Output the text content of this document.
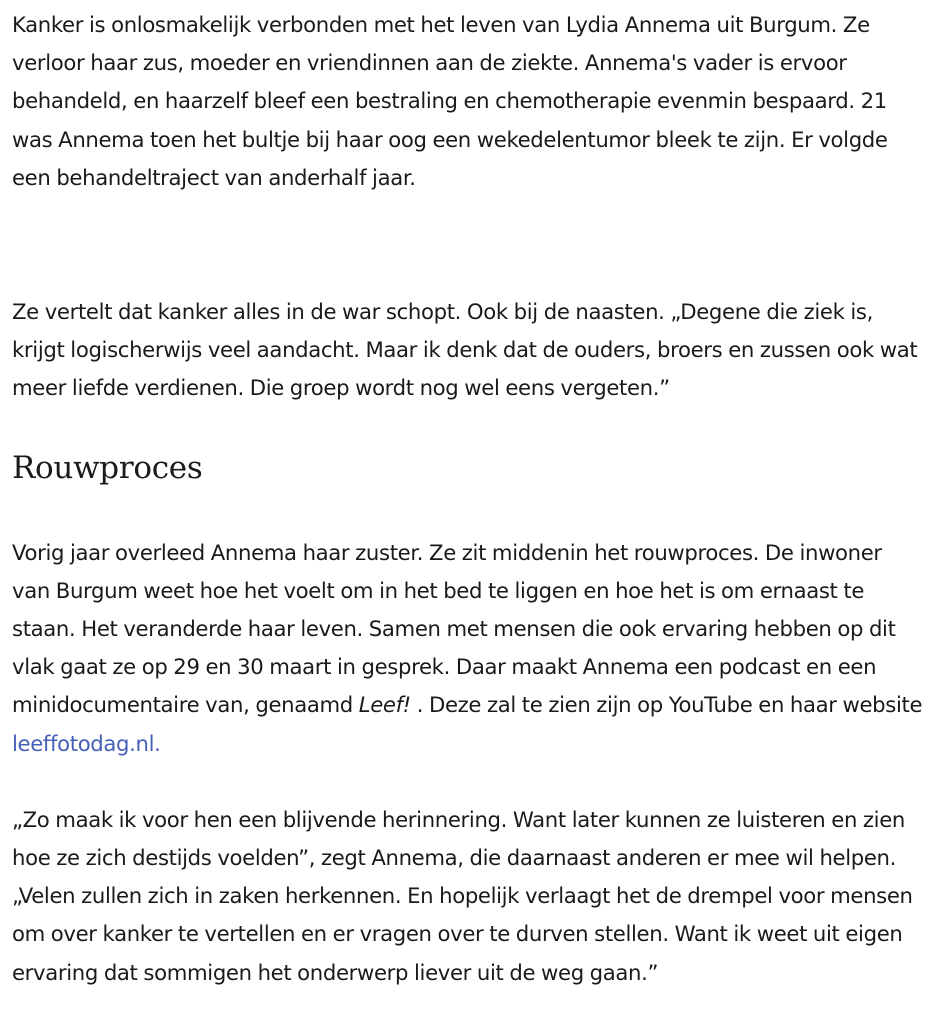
Kanker is onlosmakelijk verbonden met het leven van Lydia Annema uit Burgum. Ze verloor haar zus, moeder en vriendinnen aan de ziekte. Annema's vader is ervoor behandeld, en haarzelf bleef een bestraling en chemotherapie evenmin bespaard. 21 was Annema toen het bultje bij haar oog een wekedelentumor bleek te zijn. Er volgde een behandeltraject van anderhalf jaar.

Ze vertelt dat kanker alles in de war schopt. Ook bij de naasten. „Degene die ziek is, krijgt logischerwijs veel aandacht. Maar ik denk dat de ouders, broers en zussen ook wat meer liefde verdienen. Die groep wordt nog wel eens vergeten.”

Rouwproces

Vorig jaar overleed Annema haar zuster. Ze zit middenin het rouwproces. De inwoner van Burgum weet hoe het voelt om in het bed te liggen en hoe het is om ernaast te staan. Het veranderde haar leven. Samen met mensen die ook ervaring hebben op dit vlak gaat ze op 29 en 30 maart in gesprek. Daar maakt Annema een podcast en een minidocumentaire van, genaamd Leef! . Deze zal te zien zijn op YouTube en haar website leeffotodag.nl.

„Zo maak ik voor hen een blijvende herinnering. Want later kunnen ze luisteren en zien hoe ze zich destijds voelden”, zegt Annema, die daarnaast anderen er mee wil helpen. „Velen zullen zich in zaken herkennen. En hopelijk verlaagt het de drempel voor mensen om over kanker te vertellen en er vragen over te durven stellen. Want ik weet uit eigen ervaring dat sommigen het onderwerp liever uit de weg gaan.”
